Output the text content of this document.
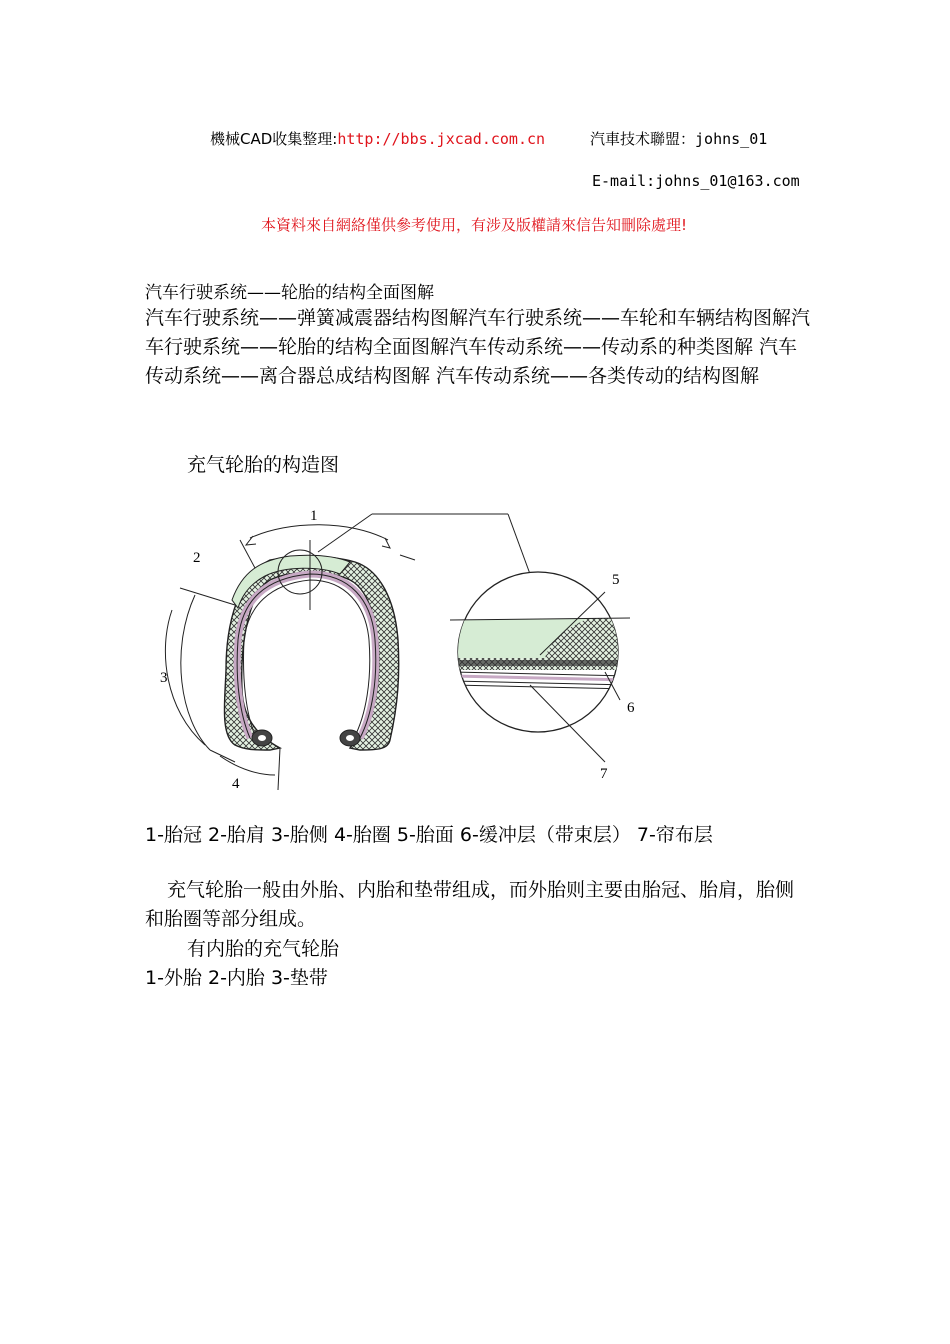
機械CAD收集整理:http://bbs.jxcad.com.cn	汽車技术聯盟：johns_01
E-mail:johns_01@163.com
本資料來自網絡僅供參考使用，有涉及版權請來信告知刪除處理!
汽车行驶系统——轮胎的结构全面图解
汽车行驶系统——弹簧减震器结构图解汽车行驶系统——车轮和车辆结构图解汽车行驶系统——轮胎的结构全面图解汽车传动系统——传动系的种类图解 汽车传动系统——离合器总成结构图解 汽车传动系统——各类传动的结构图解
充气轮胎的构造图
1
2
3
4
5
6
7
1-胎冠 2-胎肩 3-胎侧 4-胎圈 5-胎面 6-缓冲层（带束层） 7-帘布层
充气轮胎一般由外胎、内胎和垫带组成，而外胎则主要由胎冠、胎肩，胎侧和胎圈等部分组成。
有内胎的充气轮胎
1-外胎 2-内胎 3-垫带
